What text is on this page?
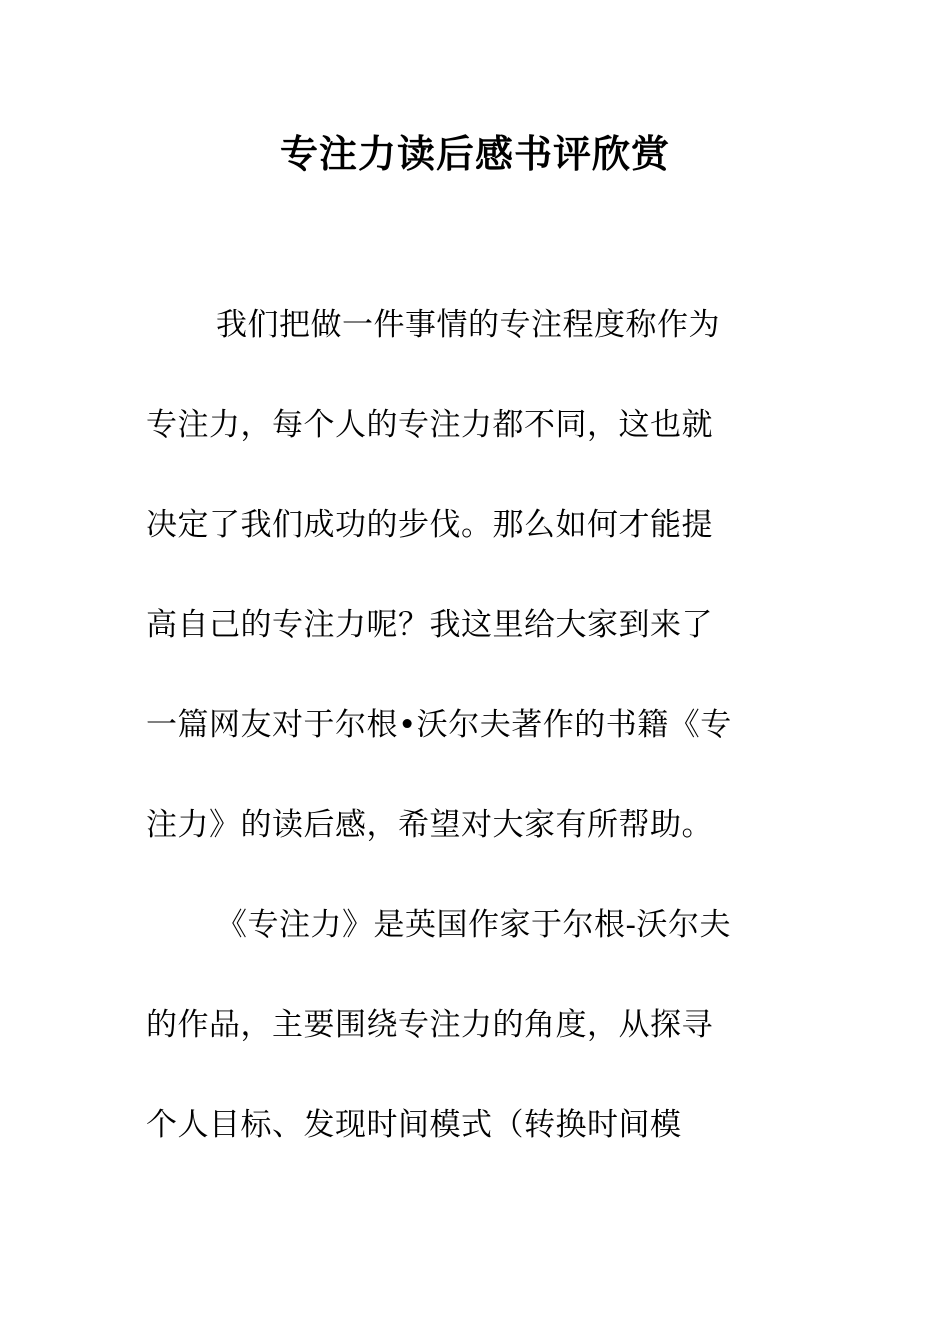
专注力读后感书评欣赏
我们把做一件事情的专注程度称作为
专注力，每个人的专注力都不同，这也就
决定了我们成功的步伐。那么如何才能提
高自己的专注力呢？我这里给大家到来了
一篇网友对于尔根•沃尔夫著作的书籍《专
注力》的读后感，希望对大家有所帮助。
《专注力》是英国作家于尔根-沃尔夫
的作品，主要围绕专注力的角度，从探寻
个人目标、发现时间模式（转换时间模
